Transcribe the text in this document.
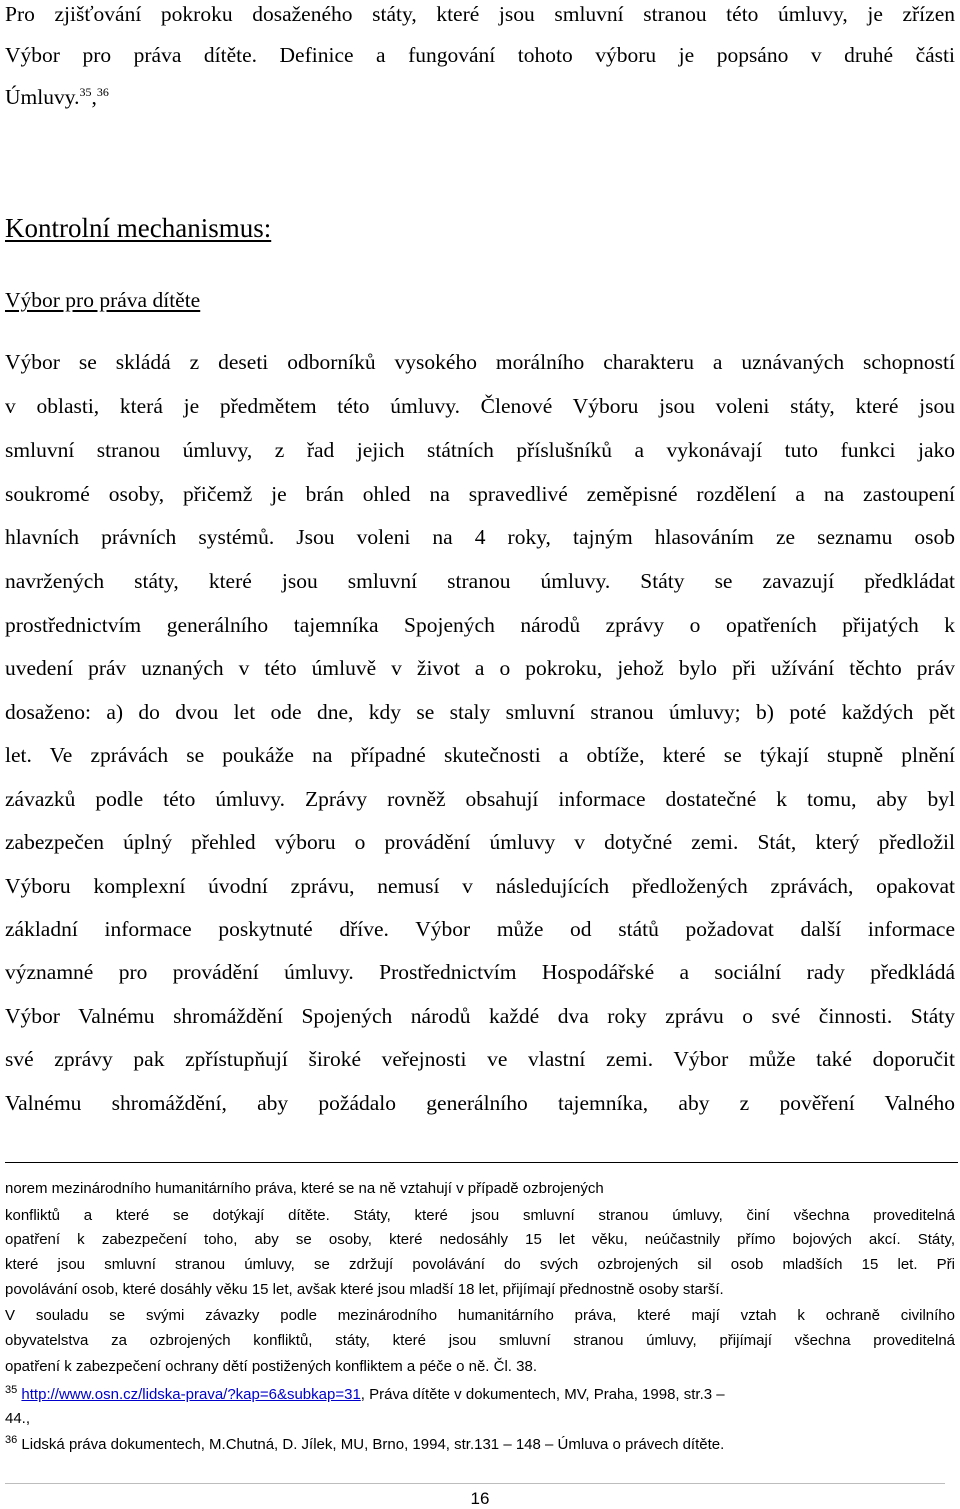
Pro zjišťování pokroku dosaženého státy, které jsou smluvní stranou této úmluvy, je zřízen
Výbor pro práva dítěte. Definice a fungování tohoto výboru je popsáno v druhé části
Úmluvy.$^{35}$,$^{36}$
Kontrolní mechanismus:
Výbor pro práva dítěte
Výbor se skládá z deseti odborníků vysokého morálního charakteru a uznávaných schopností
v oblasti, která je předmětem této úmluvy. Členové Výboru jsou voleni státy, které jsou
smluvní stranou úmluvy, z řad jejich státních příslušníků a vykonávají tuto funkci jako
soukromé osoby, přičemž je brán ohled na spravedlivé zeměpisné rozdělení a na zastoupení
hlavních právních systémů. Jsou voleni na 4 roky, tajným hlasováním ze seznamu osob
navržených státy, které jsou smluvní stranou úmluvy. Státy se zavazují předkládat
prostřednictvím generálního tajemníka Spojených národů zprávy o opatřeních přijatých k
uvedení práv uznaných v této úmluvě v život a o pokroku, jehož bylo při užívání těchto práv
dosaženo: a) do dvou let ode dne, kdy se staly smluvní stranou úmluvy; b) poté každých pět
let. Ve zprávách se poukáže na případné skutečnosti a obtíže, které se týkají stupně plnění
závazků podle této úmluvy. Zprávy rovněž obsahují informace dostatečné k tomu, aby byl
zabezpečen úplný přehled výboru o provádění úmluvy v dotyčné zemi. Stát, který předložil
Výboru komplexní úvodní zprávu, nemusí v následujících předložených zprávách, opakovat
základní informace poskytnuté dříve. Výbor může od států požadovat další informace
významné pro provádění úmluvy. Prostřednictvím Hospodářské a sociální rady předkládá
Výbor Valnému shromáždění Spojených národů každé dva roky zprávu o své činnosti. Státy
své zprávy pak zpřístupňují široké veřejnosti ve vlastní zemi. Výbor může také doporučit
Valnému shromáždění, aby požádalo generálního tajemníka, aby z pověření Valného
norem mezinárodního humanitárního práva, které se na ně vztahují v případě ozbrojených
konfliktů a které se dotýkají dítěte. Státy, které jsou smluvní stranou úmluvy, činí všechna proveditelná
opatření k zabezpečení toho, aby se osoby, které nedosáhly 15 let věku, neúčastnily přímo bojových akcí. Státy,
které jsou smluvní stranou úmluvy, se zdržují povolávání do svých ozbrojených sil osob mladších 15 let. Při
povolávání osob, které dosáhly věku 15 let, avšak které jsou mladší 18 let, přijímají přednostně osoby starší.
V souladu se svými závazky podle mezinárodního humanitárního práva, které mají vztah k ochraně civilního
obyvatelstva za ozbrojených konfliktů, státy, které jsou smluvní stranou úmluvy, přijímají všechna proveditelná
opatření k zabezpečení ochrany dětí postižených konfliktem a péče o ně. Čl. 38.
$^{35}$ http://www.osn.cz/lidska-prava/?kap=6&subkap=31, Práva dítěte v dokumentech, MV, Praha, 1998, str.3 –
44.,
$^{36}$ Lidská práva dokumentech, M.Chutná, D. Jílek, MU, Brno, 1994, str.131 – 148 – Úmluva o právech dítěte.
16
